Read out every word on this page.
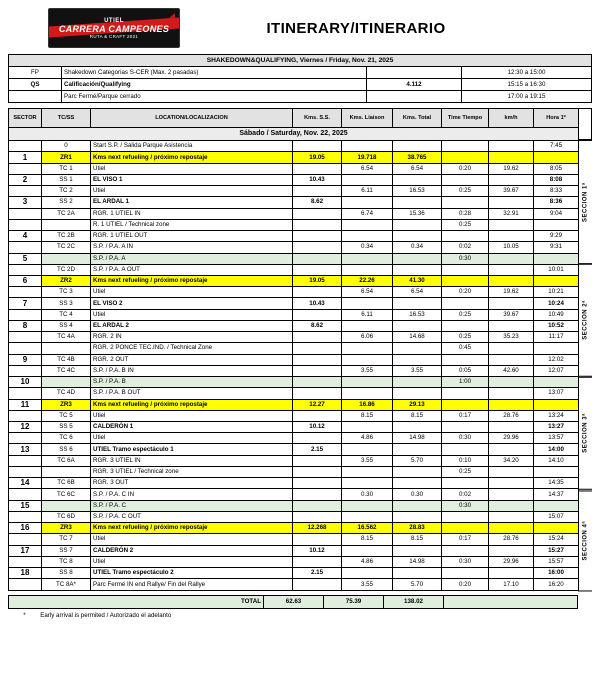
UTIEL
CARRERA CAMPEONES
RUTA & CRAFT 2021	ITINERARY/ITINERARIO
SHAKEDOWN&QUALIFYING, Viernes / Friday, Nov. 21, 2025			
FP	Shakedown Categorias S-CER (Max. 2 pasadas)		12:30 a 15:00
QS	Calificación/Qualifying	4.112	15:15 a 16:30
	Parc Fermé/Parque cerrado		17:00 a 19:15
SECTOR	TC/SS	LOCATION/LOCALIZACION	Kms. S.S.	Kms. Liaison	Kms. Total	Time Tiempo	km/h	Hora 1º
Sábado / Saturday, Nov. 22, 2025								
	0	Start S.P. / Salida Parque Asistencia						7:45
1	ZR1	Kms next refueling / próximo repostaje	19.05	19.718	38.765			
	TC 1	Utiel		6.54	6.54	0:20	19.62	8:05
2	SS 1	EL VISO 1	10.43					8:08
	TC 2	Utiel		6.11	16.53	0:25	39.67	8:33
3	SS 2	EL ARDAL 1	8.62					8:36
	TC 2A	RGR. 1 UTIEL IN		6.74	15.36	0:28	32.91	9:04
		R. 1 UTIEL / Technical zone				0:25		
4	TC 2B	RGR. 1 UTIEL OUT						9:29
	TC 2C	S.P. / P.A. A IN		0.34	0.34	0:02	10.05	9:31
5		S.P. / P.A. A				0:30		
	TC 2D	S.P. / P.A. A OUT						10:01
6	ZR2	Kms next refueling / próximo repostaje	19.05	22.26	41.30			
	TC 3	Utiel		6.54	6.54	0:20	19.62	10:21
7	SS 3	EL VISO 2	10.43					10:24
	TC 4	Utiel		6.11	16.53	0:25	39.67	10:49
8	SS 4	EL ARDAL 2	8.62					10:52
	TC 4A	RGR. 2 IN		6.06	14.68	0:25	35.23	11:17
		RGR. 2 PONCE TEC.IND. / Technical Zone				0:45		
9	TC 4B	RGR. 2 OUT						12:02
	TC 4C	S.P. / P.A. B IN		3.55	3.55	0:05	42.60	12:07
10		S.P. / P.A. B				1:00		
	TC 4D	S.P. / P.A. B OUT						13:07
11	ZR3	Kms next refueling / próximo repostaje	12.27	16.86	29.13			
	TC 5	Utiel		8.15	8.15	0:17	28.76	13:24
12	SS 5	CALDERÓN 1	10.12					13:27
	TC 6	Utiel		4.86	14.98	0:30	29.96	13:57
13	SS 6	UTIEL Tramo espectáculo 1	2.15					14:00
	TC 6A	RGR. 3 UTIEL IN		3.55	5.70	0:10	34.20	14:10
		RGR. 3 UTIEL / Technical zone				0:25		
14	TC 6B	RGR. 3 OUT						14:35
	TC 6C	S.P. / P.A. C IN		0.30	0.30	0:02		14:37
15		S.P. / P.A. C				0:30		
	TC 6D	S.P. / P.A. C OUT						15:07
16	ZR3	Kms next refueling / próximo repostaje	12.268	16.562	28.83			
	TC 7	Utiel		8.15	8.15	0:17	28.76	15:24
17	SS 7	CALDERÓN 2	10.12					15:27
	TC 8	Utiel		4.86	14.98	0:30	29.96	15:57
18	SS 8	UTIEL Tramo espectáculo 2	2.15					16:00
	TC 8A*	Parc Fermé IN end Rallye/ Fin del Rallye		3.55	5.70	0:20	17.10	16:20
SECCION 1ª
SECCION 2ª
SECCION 3ª
SECCION 4ª
TOTAL	62.63	75.39	138.02	
* Early arrival is permited / Autorizado el adelanto
